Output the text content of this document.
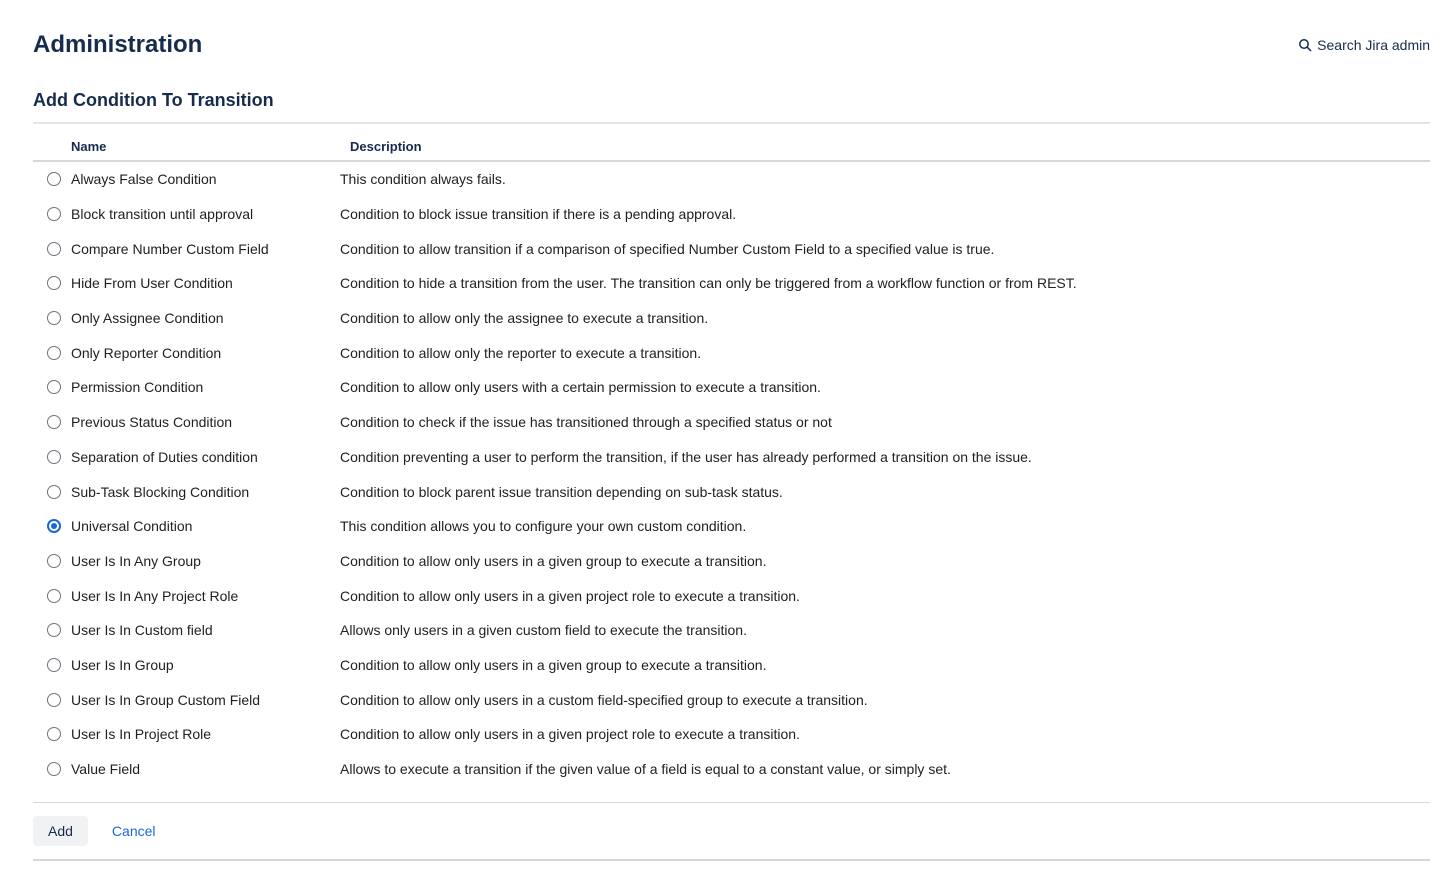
Administration	Search Jira admin
Add Condition To Transition
Name	Description
Always False Condition	This condition always fails.
Block transition until approval	Condition to block issue transition if there is a pending approval.
Compare Number Custom Field	Condition to allow transition if a comparison of specified Number Custom Field to a specified value is true.
Hide From User Condition	Condition to hide a transition from the user. The transition can only be triggered from a workflow function or from REST.
Only Assignee Condition	Condition to allow only the assignee to execute a transition.
Only Reporter Condition	Condition to allow only the reporter to execute a transition.
Permission Condition	Condition to allow only users with a certain permission to execute a transition.
Previous Status Condition	Condition to check if the issue has transitioned through a specified status or not
Separation of Duties condition	Condition preventing a user to perform the transition, if the user has already performed a transition on the issue.
Sub-Task Blocking Condition	Condition to block parent issue transition depending on sub-task status.
Universal Condition	This condition allows you to configure your own custom condition.
User Is In Any Group	Condition to allow only users in a given group to execute a transition.
User Is In Any Project Role	Condition to allow only users in a given project role to execute a transition.
User Is In Custom field	Allows only users in a given custom field to execute the transition.
User Is In Group	Condition to allow only users in a given group to execute a transition.
User Is In Group Custom Field	Condition to allow only users in a custom field-specified group to execute a transition.
User Is In Project Role	Condition to allow only users in a given project role to execute a transition.
Value Field	Allows to execute a transition if the given value of a field is equal to a constant value, or simply set.
Add	Cancel
